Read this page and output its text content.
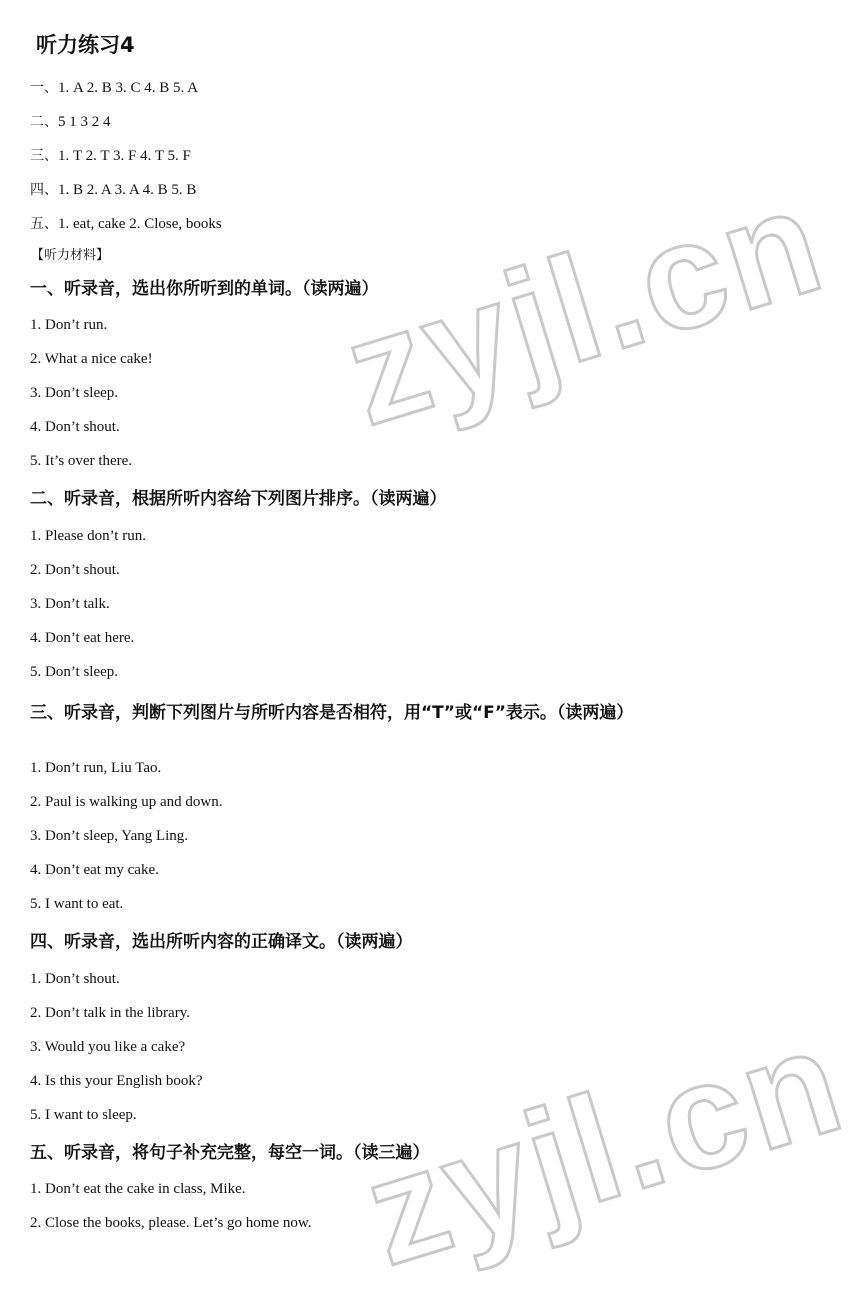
听力练习4
一、1. A 2. B 3. C 4. B 5. A
二、5 1 3 2 4
三、1. T 2. T 3. F 4. T 5. F
四、1. B 2. A 3. A 4. B 5. B
五、1. eat, cake 2. Close, books
【听力材料】
一、听录音，选出你所听到的单词。（读两遍）
1. Don’t run.
2. What a nice cake!
3. Don’t sleep.
4. Don’t shout.
5. It’s over there.
二、听录音，根据所听内容给下列图片排序。（读两遍）
1. Please don’t run.
2. Don’t shout.
3. Don’t talk.
4. Don’t eat here.
5. Don’t sleep.
三、听录音，判断下列图片与所听内容是否相符，用“T”或“F”表示。（读两遍）
1. Don’t run, Liu Tao.
2. Paul is walking up and down.
3. Don’t sleep, Yang Ling.
4. Don’t eat my cake.
5. I want to eat.
四、听录音，选出所听内容的正确译文。（读两遍）
1. Don’t shout.
2. Don’t talk in the library.
3. Would you like a cake?
4. Is this your English book?
5. I want to sleep.
五、听录音，将句子补充完整，每空一词。（读三遍）
1. Don’t eat the cake in class, Mike.
2. Close the books, please. Let’s go home now.
zyjl.cn
zyjl.cn
